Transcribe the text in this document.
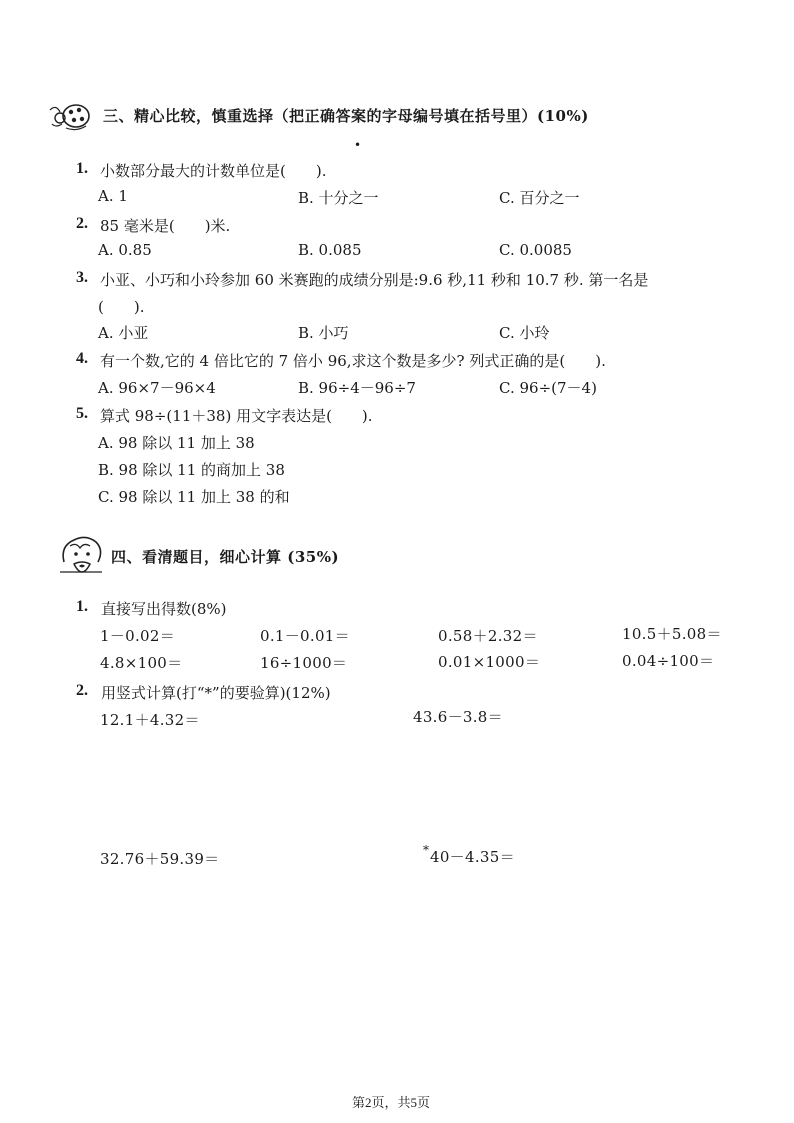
三、精心比较，慎重选择（把正确答案的字母编号填在括号里）(10%)
•
1. 小数部分最大的计数单位是(　　).
A. 1	B. 十分之一	C. 百分之一
2. 85 毫米是(　　)米.
A. 0.85	B. 0.085	C. 0.0085
3. 小亚、小巧和小玲参加 60 米赛跑的成绩分别是:9.6 秒,11 秒和 10.7 秒. 第一名是
(　　).
A. 小亚	B. 小巧	C. 小玲
4. 有一个数,它的 4 倍比它的 7 倍小 96,求这个数是多少? 列式正确的是(　　).
A. 96×7－96×4	B. 96÷4－96÷7	C. 96÷(7－4)
5. 算式 98÷(11＋38) 用文字表达是(　　).
A. 98 除以 11 加上 38
B. 98 除以 11 的商加上 38
C. 98 除以 11 加上 38 的和
四、看清题目，细心计算 (35%)
1. 直接写出得数(8%)
1－0.02＝	0.1－0.01＝	0.58＋2.32＝	10.5＋5.08＝
4.8×100＝	16÷1000＝	0.01×1000＝	0.04÷100＝
2. 用竖式计算(打“*”的要验算)(12%)
12.1＋4.32＝	43.6－3.8＝
32.76＋59.39＝	* 40－4.35＝
第2页，共5页
